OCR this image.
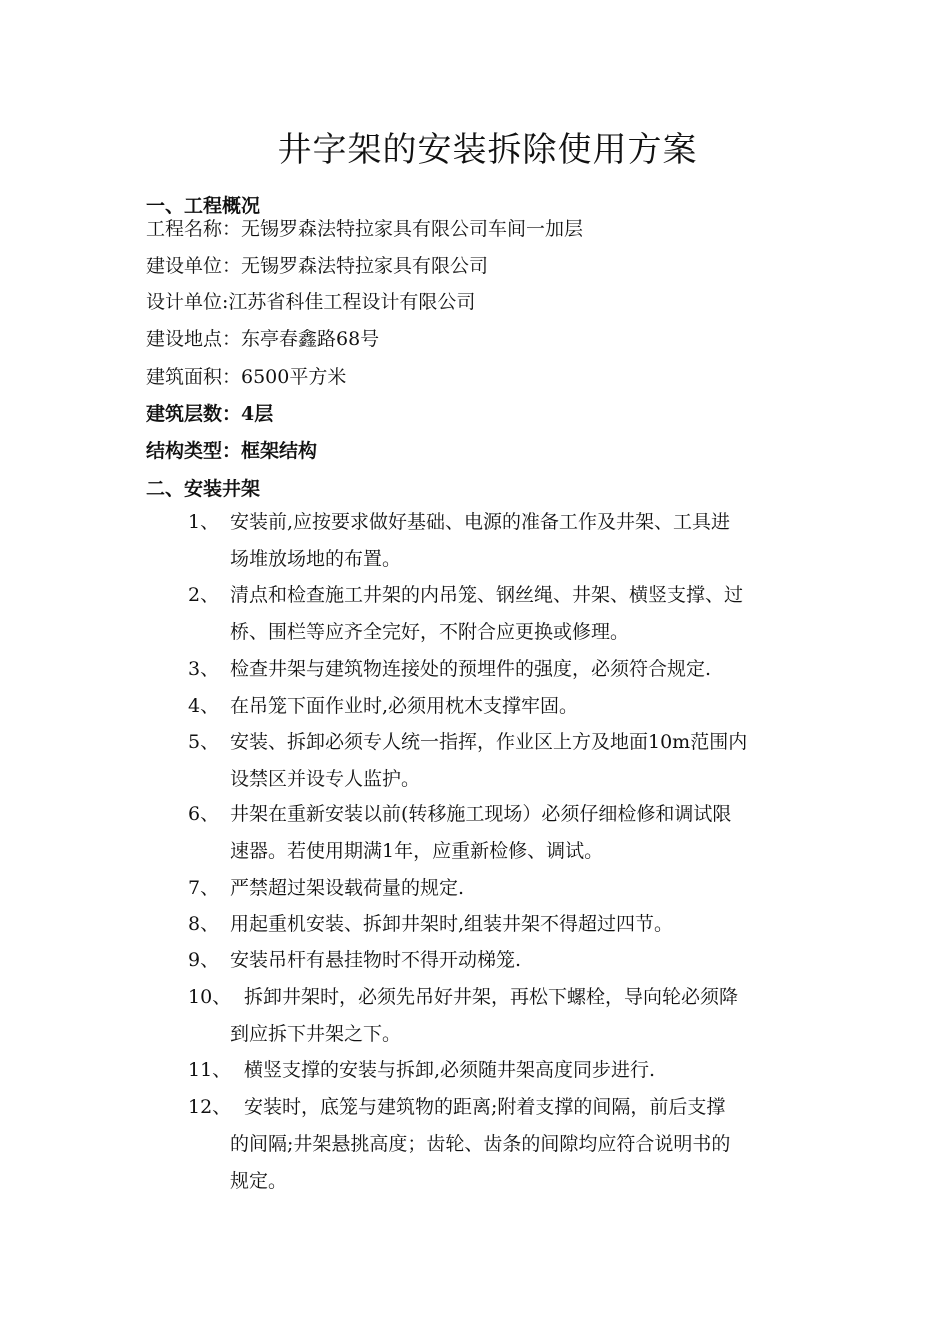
井字架的安装拆除使用方案
一、工程概况
工程名称：无锡罗森法特拉家具有限公司车间一加层
建设单位：无锡罗森法特拉家具有限公司
设计单位:江苏省科佳工程设计有限公司
建设地点：东亭春鑫路68号
建筑面积：6500平方米
建筑层数：4层
结构类型：框架结构
二、安装井架
1、 安装前,应按要求做好基础、电源的准备工作及井架、工具进
场堆放场地的布置。
2、 清点和检查施工井架的内吊笼、钢丝绳、井架、横竖支撑、过
桥、围栏等应齐全完好，不附合应更换或修理。
3、 检查井架与建筑物连接处的预埋件的强度，必须符合规定.
4、 在吊笼下面作业时,必须用枕木支撑牢固。
5、 安装、拆卸必须专人统一指挥，作业区上方及地面10m范围内
设禁区并设专人监护。
6、 井架在重新安装以前(转移施工现场）必须仔细检修和调试限
速器。若使用期满1年，应重新检修、调试。
7、 严禁超过架设载荷量的规定.
8、 用起重机安装、拆卸井架时,组装井架不得超过四节。
9、 安装吊杆有悬挂物时不得开动梯笼.
10、 拆卸井架时，必须先吊好井架，再松下螺栓，导向轮必须降
到应拆下井架之下。
11、 横竖支撑的安装与拆卸,必须随井架高度同步进行.
12、 安装时，底笼与建筑物的距离;附着支撑的间隔，前后支撑
的间隔;井架悬挑高度；齿轮、齿条的间隙均应符合说明书的
规定。
